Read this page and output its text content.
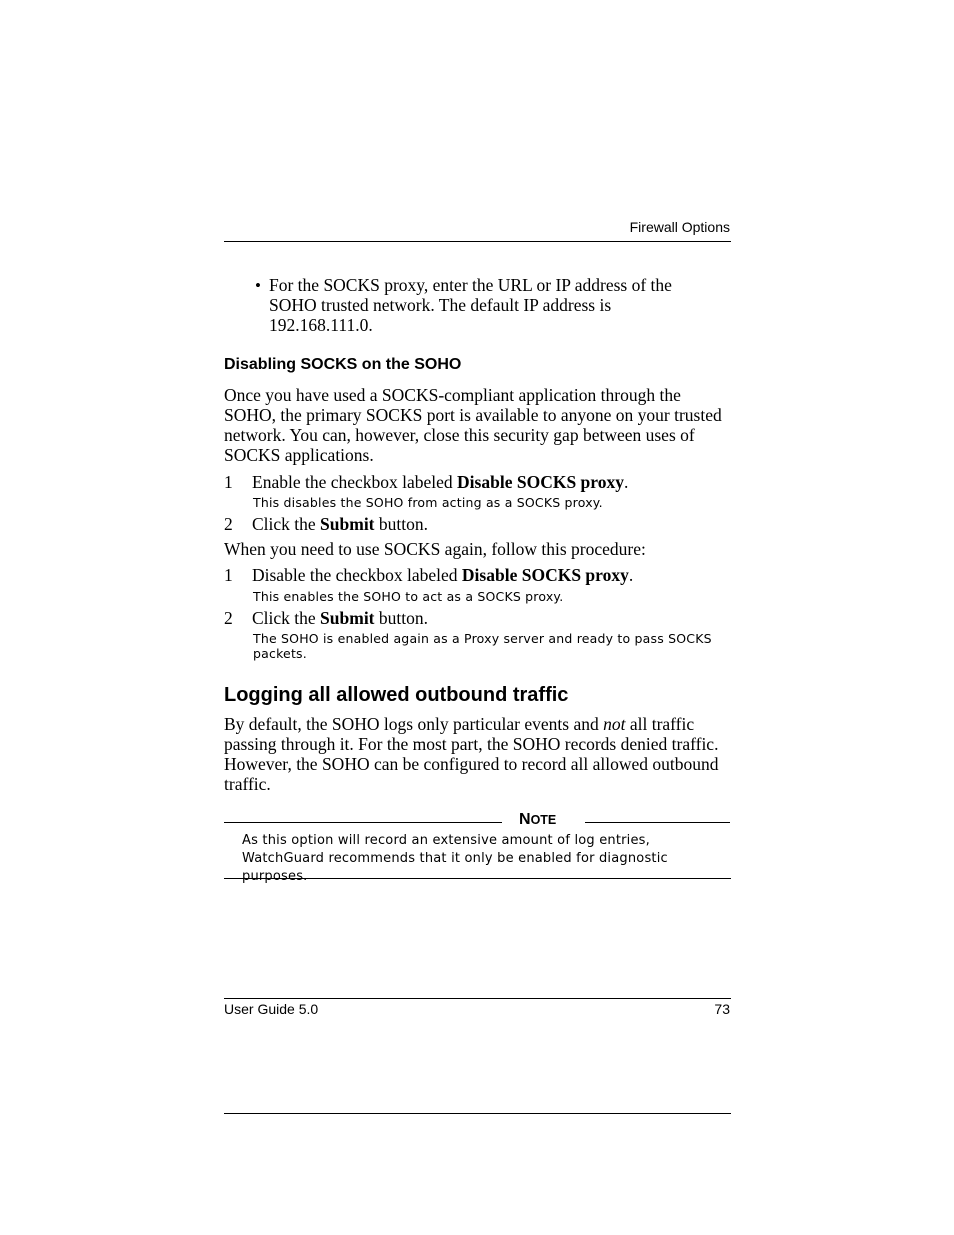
Firewall Options
• For the SOCKS proxy, enter the URL or IP address of the
SOHO trusted network. The default IP address is
192.168.111.0.
Disabling SOCKS on the SOHO
Once you have used a SOCKS-compliant application through the SOHO, the primary SOCKS port is available to anyone on your trusted network. You can, however, close this security gap between uses of SOCKS applications.
1 Enable the checkbox labeled Disable SOCKS proxy.
This disables the SOHO from acting as a SOCKS proxy.
2 Click the Submit button.
When you need to use SOCKS again, follow this procedure:
1 Disable the checkbox labeled Disable SOCKS proxy.
This enables the SOHO to act as a SOCKS proxy.
2 Click the Submit button.
The SOHO is enabled again as a Proxy server and ready to pass SOCKS
packets.
Logging all allowed outbound traffic
By default, the SOHO logs only particular events and not all traffic passing through it. For the most part, the SOHO records denied traffic. However, the SOHO can be configured to record all allowed outbound traffic.
NOTE
As this option will record an extensive amount of log entries,
WatchGuard recommends that it only be enabled for diagnostic purposes.
User Guide 5.0	73
